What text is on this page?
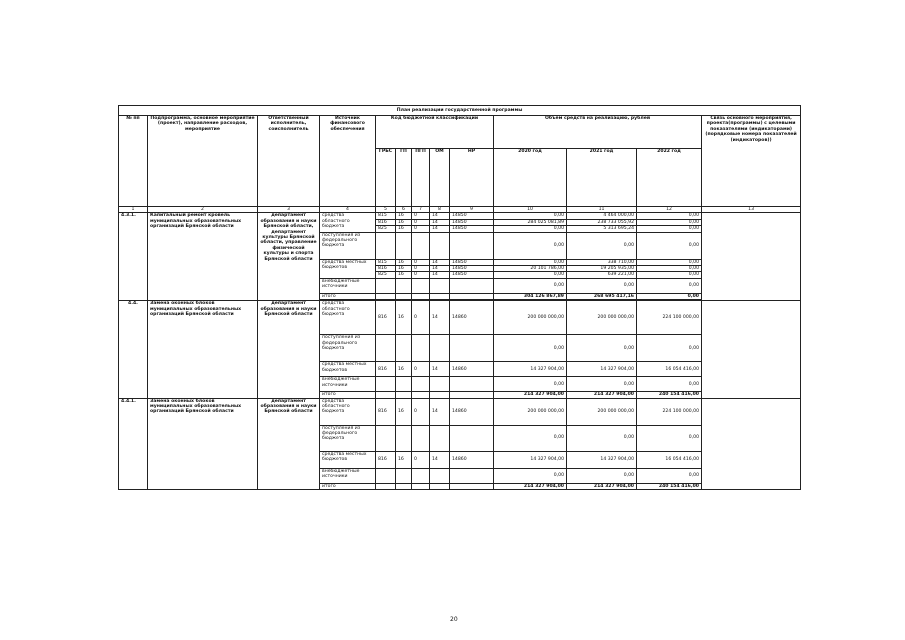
План реализации государственной программы												
№ пп	Подпрограмма, основное мероприятие (проект), направление расходов, мероприятие	Ответственный исполнитель, соисполнитель	Источник финансового обеспечения	Код бюджетной классификации					Объём средств на реализацию, рублей			Связь основного мероприятия, проекта(программы) с целевыми показателями (индикаторами) (порядковые номера показателей (индикаторов))
				ГРБС	ГП	ПГП	ОМ	НР	2020 год	2021 год	2022 год	
1	2	3	4	5	6	7	8	9	10	11	12	13
4.3.1.	Капитальный ремонт кровель муниципальных образовательных организаций Брянской области	департамент образования и науки Брянской области, департамент культуры Брянской области, управление физической культуры и спорта Брянской области	средства областного бюджета	815	16	0	14	14850	0,00	4 464 000,00	0,00	
				816	16	0	14	14850	284 025 081,89	238 733 055,92	0,00	
				825	16	0	14	14850	0,00	5 313 695,24	0,00	
			поступления из федерального бюджета						0,00	0,00	0,00	
			средства местных бюджетов	815	16	0	14	14850	0,00	338 710,00	0,00	
				816	16	0	14	14850	20 101 786,00	19 205 935,00	0,00	
				825	16	0	14	14850	0,00	639 221,00	0,00	
			внебюджетные источники						0,00	0,00	0,00	
			итого						304 126 867,89	268 695 417,16	0,00	

4.4.	Замена оконных блоков муниципальных образовательных организаций Брянской области	департамент образования и науки Брянской области	средства областного бюджета	816	16	0	14	14860	200 000 000,00	200 000 000,00	224 100 000,00	
			поступления из федерального бюджета						0,00	0,00	0,00	
			средства местных бюджетов	816	16	0	14	14860	14 327 904,00	14 327 904,00	16 054 416,00	
			внебюджетные источники						0,00	0,00	0,00	
			итого						214 327 904,00	214 327 904,00	240 154 416,00	
4.4.1.	Замена оконных блоков муниципальных образовательных организаций Брянской области	департамент образования и науки Брянской области	средства областного бюджета	816	16	0	14	14860	200 000 000,00	200 000 000,00	224 100 000,00	
			поступления из федерального бюджета						0,00	0,00	0,00	
			средства местных бюджетов	816	16	0	14	14860	14 327 904,00	14 327 904,00	16 054 416,00	
			внебюджетные источники						0,00	0,00	0,00	
			итого						214 327 904,00	214 327 904,00	240 154 416,00	
20
